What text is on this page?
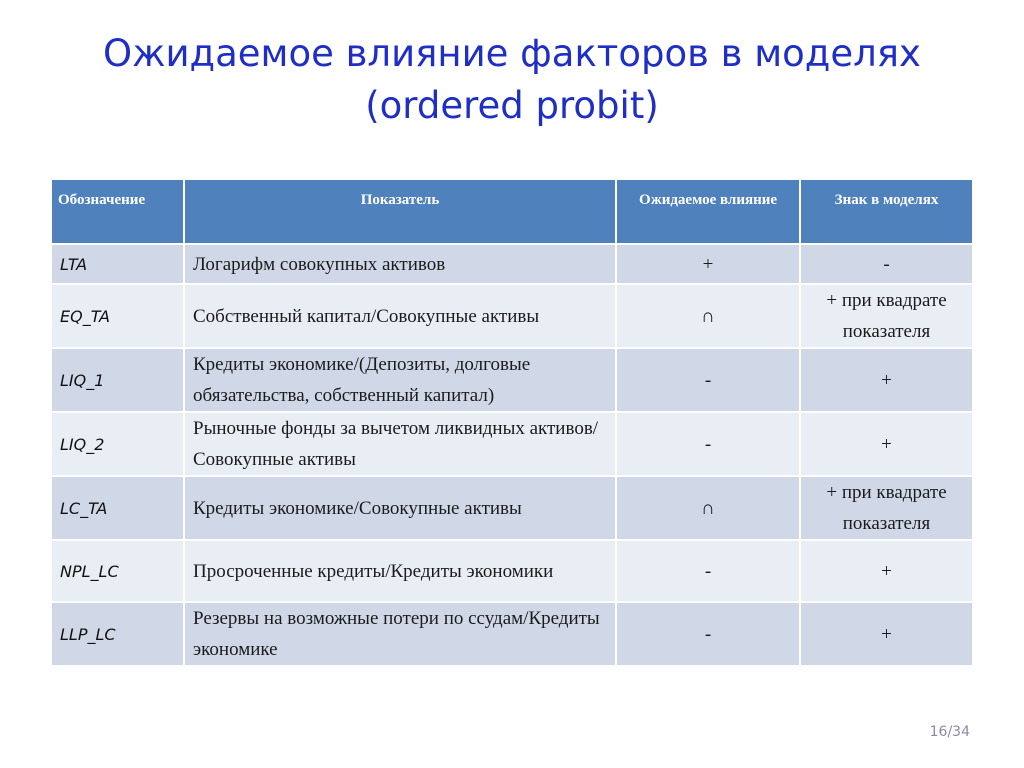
Ожидаемое влияние факторов в моделях
(ordered probit)
Обозначение	Показатель	Ожидаемое влияние	Знак в моделях
LTA	Логарифм совокупных активов	+	-
EQ_TA	Собственный капитал/Совокупные активы	∩	+ при квадрате показателя
LIQ_1	Кредиты экономике/(Депозиты, долговые обязательства, собственный капитал)	-	+
LIQ_2	Рыночные фонды за вычетом ликвидных активов/Совокупные активы	-	+
LC_TA	Кредиты экономике/Совокупные активы	∩	+ при квадрате показателя
NPL_LC	Просроченные кредиты/Кредиты экономики	-	+
LLP_LC	Резервы на возможные потери по ссудам/Кредиты экономике	-	+
16/34
